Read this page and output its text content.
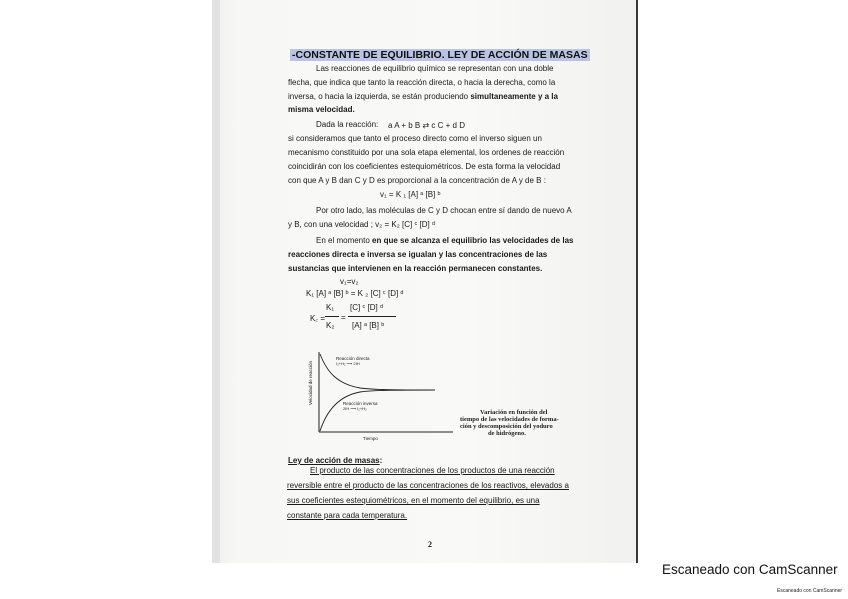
-CONSTANTE DE EQUILIBRIO. LEY DE ACCIÓN DE MASAS
Las reacciones de equilibrio químico se representan con una doble
flecha, que indica que tanto la reacción directa, o hacia la derecha, como la
inversa, o hacia la izquierda, se están produciendo simultaneamente y a la
misma velocidad.
Dada la reacción: a A + b B ⇄ c C + d D
si consideramos que tanto el proceso directo como el inverso siguen un
mecanismo constituido por una sola etapa elemental, los ordenes de reacción
coincidirán con los coeficientes estequiométricos. De esta forma la velocidad
con que A y B dan C y D es proporcional a la concentración de A y de B :
v₁ = K ₁ [A] ᵃ [B] ᵇ
Por otro lado, las moléculas de C y D chocan entre sí dando de nuevo A
y B, con una velocidad ; v₂ = K₂ [C] ᶜ [D] ᵈ
En el momento en que se alcanza el equilibrio las velocidades de las
reacciones directa e inversa se igualan y las concentraciones de las
sustancias que intervienen en la reacción permanecen constantes.
v₁=v₂
K₁ [A] ᵃ [B] ᵇ = K ₂ [C] ᶜ [D] ᵈ
K꜀ =
K₁
K₂
=
[C] ᶜ [D] ᵈ
[A] ᵃ [B] ᵇ
Velocidad de reacción
Tiempo
Reacción directa
I₂+H₂ ⟶ 2IH
Reacción inversa
2IH ⟶ I₂+H₂
Variación en función del
tiempo de las velocidades de forma-
ción y descomposición del yoduro
de hidrógeno.
Ley de acción de masas:
El producto de las concentraciones de los productos de una reacción
reversible entre el producto de las concentraciones de los reactivos, elevados a
sus coeficientes estequiométricos, en el momento del equilibrio, es una
constante para cada temperatura.
2
Escaneado con CamScanner
Escaneado con CamScanner
